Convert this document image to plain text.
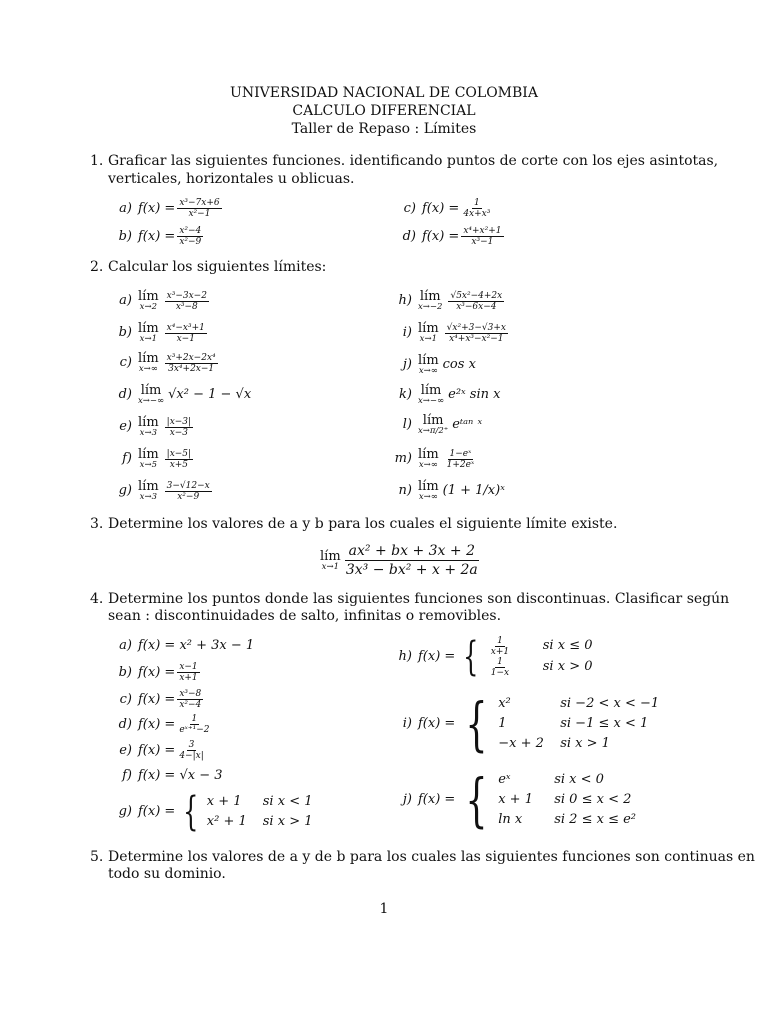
UNIVERSIDAD NACIONAL DE COLOMBIA
CALCULO DIFERENCIAL
Taller de Repaso : Límites
1. Graficar las siguientes funciones. identificando puntos de corte con los ejes asintotas,
verticales, horizontales u oblicuas.
a) $f(x) = \frac{\text{x³−7x+6}}{\text{x²−1}}$
b) $f(x) = \frac{\text{x²−4}}{\text{x²−9}}$
c) $f(x) = \frac{1}{\text{4x+x³}}$
d) $f(x) = \frac{\text{x⁴+x²+1}}{\text{x³−1}}$
2. Calcular los siguientes límites:
a) lím
$x\to 2 \frac{\text{x³−3x−2}}{\text{x³−8}}$
b) lím
$x\to 1 \frac{\text{x⁴−x³+1}}{x-1}$
c) lím
$x\to\infty \frac{\text{x³+2x−2x⁴}}{\text{3x⁴+2x−1}}$
d) lím
x→−∞ √x² − 1 − √x
e) lím
$x\to 3 \frac{|x-3|}{x-3}$
f) lím
$x\to 5 \frac{|x-5|}{x+5}$
g) lím
$x\to 3 \frac{3-√12-x}{\text{x²−9}}$
h) lím
$x\to-2 \frac{\text{√5x²−4+2x}}{\text{x³−6x−4}}$
i) lím
$x\to 1 \frac{\text{√x²+3−√3+x}}{\text{x⁴+x³−x²−1}}$
j) lím
x→∞ cos x
k) lím
x→−∞ e²ˣ sin x
l) lím
x→π/2⁺ eᵗᵃⁿ ˣ
m) lím
$x\to\infty \frac{\text{1−eˣ}}{\text{1+2eˣ}}$
n) lím
x→∞ (1 + 1/x)ˣ
3. Determine los valores de a y b para los cuales el siguiente límite existe.
lím
x→1
ax² + bx + 3x + 2
3x³ − bx² + x + 2a
4. Determine los puntos donde las siguientes funciones son discontinuas. Clasificar según
sean : discontinuidades de salto, infinitas o removibles.
a) f(x) = x² + 3x − 1
b) $f(x) = \frac{x-1}{x+1}$
c) $f(x) = \frac{\text{x³−8}}{\text{x²−4}}$
d) $f(x) = \frac{1}{\text{eˣ⁺¹−2}}$
e) $f(x) = \frac{3}{4-|x|}$
f) f(x) = √x − 3
g) f(x) = { x + 1	si x < 1
x² + 1	si x > 1
h) f(x) = { $\frac{1}{x+1}$ si x ≤ 0
$\frac{1}{1-x}$ si x > 0
i) f(x) = { x²	si −2 < x < −1
1	si −1 ≤ x < 1
−x + 2	si x > 1
j) f(x) = { eˣ	si x < 0
x + 1	si 0 ≤ x < 2
ln x	si 2 ≤ x ≤ e²
5. Determine los valores de a y de b para los cuales las siguientes funciones son continuas en
todo su dominio.
1
